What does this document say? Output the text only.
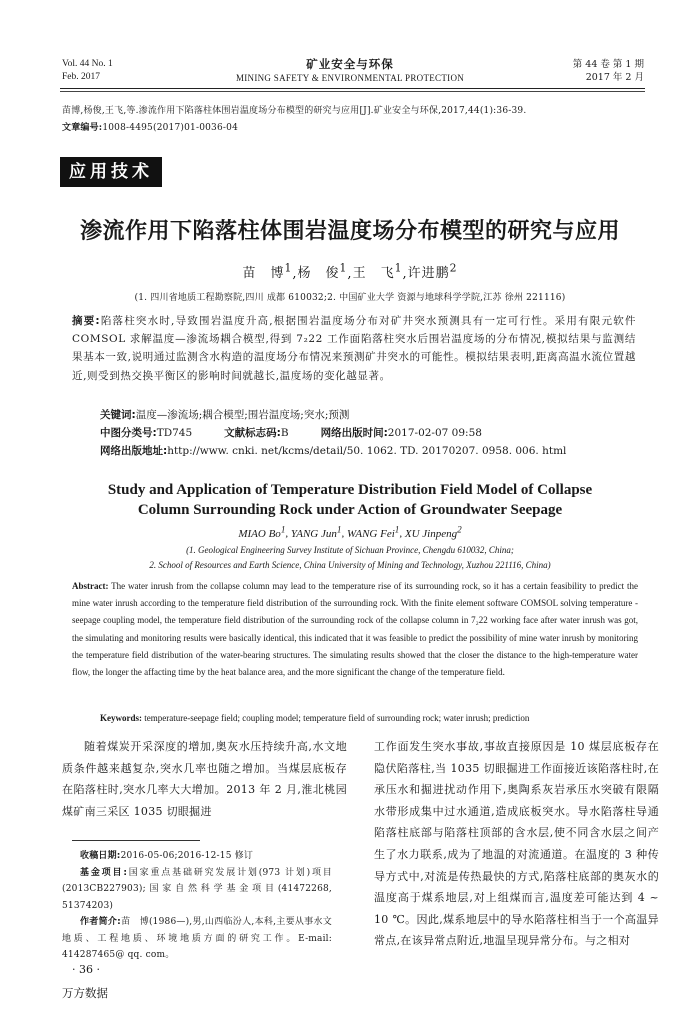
Vol. 44 No. 1
Feb. 2017
矿业安全与环保
MINING SAFETY & ENVIRONMENTAL PROTECTION
第 44 卷 第 1 期
2017 年 2 月
苗博,杨俊,王飞,等.渗流作用下陷落柱体围岩温度场分布模型的研究与应用[J].矿业安全与环保,2017,44(1):36-39.
文章编号:1008-4495(2017)01-0036-04
应用技术
渗流作用下陷落柱体围岩温度场分布模型的研究与应用
苗　博$^1$,杨　俊$^1$,王　飞$^1$,许进鹏$^2$
(1. 四川省地质工程勘察院,四川 成都 610032;2. 中国矿业大学 资源与地球科学学院,江苏 徐州 221116)
摘要:陷落柱突水时,导致围岩温度升高,根据围岩温度场分布对矿井突水预测具有一定可行性。采用有限元软件 COMSOL 求解温度—渗流场耦合模型,得到 7₂22 工作面陷落柱突水后围岩温度场的分布情况,模拟结果与监测结果基本一致,说明通过监测含水构造的温度场分布情况来预测矿井突水的可能性。模拟结果表明,距离高温水流位置越近,则受到热交换平衡区的影响时间就越长,温度场的变化越显著。
关键词:温度—渗流场;耦合模型;围岩温度场;突水;预测
中图分类号:TD745	文献标志码:B	网络出版时间:2017-02-07 09:58
网络出版地址:http://www. cnki. net/kcms/detail/50. 1062. TD. 20170207. 0958. 006. html
Study and Application of Temperature Distribution Field Model of Collapse
Column Surrounding Rock under Action of Groundwater Seepage
MIAO Bo$^1$, YANG Jun$^1$, WANG Fei$^1$, XU Jinpeng$^2$
(1. Geological Engineering Survey Institute of Sichuan Province, Chengdu 610032, China;
2. School of Resources and Earth Science, China University of Mining and Technology, Xuzhou 221116, China)
Abstract: The water inrush from the collapse column may lead to the temperature rise of its surrounding rock, so it has a certain feasibility to predict the mine water inrush according to the temperature field distribution of the surrounding rock. With the finite element software COMSOL solving temperature - seepage coupling model, the temperature field distribution of the surrounding rock of the collapse column in 7₂22 working face after water inrush was got, the simulating and monitoring results were basically identical, this indicated that it was feasible to predict the possibility of mine water inrush by monitoring the temperature field distribution of the water-bearing structures. The simulating results showed that the closer the distance to the high-temperature water flow, the longer the affacting time by the heat balance area, and the more significant the change of the temperature field.
Keywords: temperature-seepage field; coupling model; temperature field of surrounding rock; water inrush; prediction

随着煤炭开采深度的增加,奥灰水压持续升高,水文地质条件越来越复杂,突水几率也随之增加。当煤层底板存在陷落柱时,突水几率大大增加。2013 年 2 月,淮北桃园煤矿南三采区 1035 切眼掘进

工作面发生突水事故,事故直接原因是 10 煤层底板存在隐伏陷落柱,当 1035 切眼掘进工作面接近该陷落柱时,在承压水和掘进扰动作用下,奥陶系灰岩承压水突破有限隔水带形成集中过水通道,造成底板突水。导水陷落柱导通陷落柱底部与陷落柱顶部的含水层,使不同含水层之间产生了水力联系,成为了地温的对流通道。在温度的 3 种传导方式中,对流是传热最快的方式,陷落柱底部的奥灰水的温度高于煤系地层,对上组煤而言,温度差可能达到 4 ~ 10 ℃。因此,煤系地层中的导水陷落柱相当于一个高温异常点,在该异常点附近,地温呈现异常分布。与之相对

收稿日期:2016-05-06;2016-12-15 修订

基金项目:国家重点基础研究发展计划(973 计划)项目(2013CB227903);国家自然科学基金项目(41472268, 51374203)

作者简介:苗　博(1986—),男,山西临汾人,本科,主要从事水文地质、工程地质、环境地质方面的研究工作。E-mail: 414287465@ qq. com。

· 36 ·
万方数据
